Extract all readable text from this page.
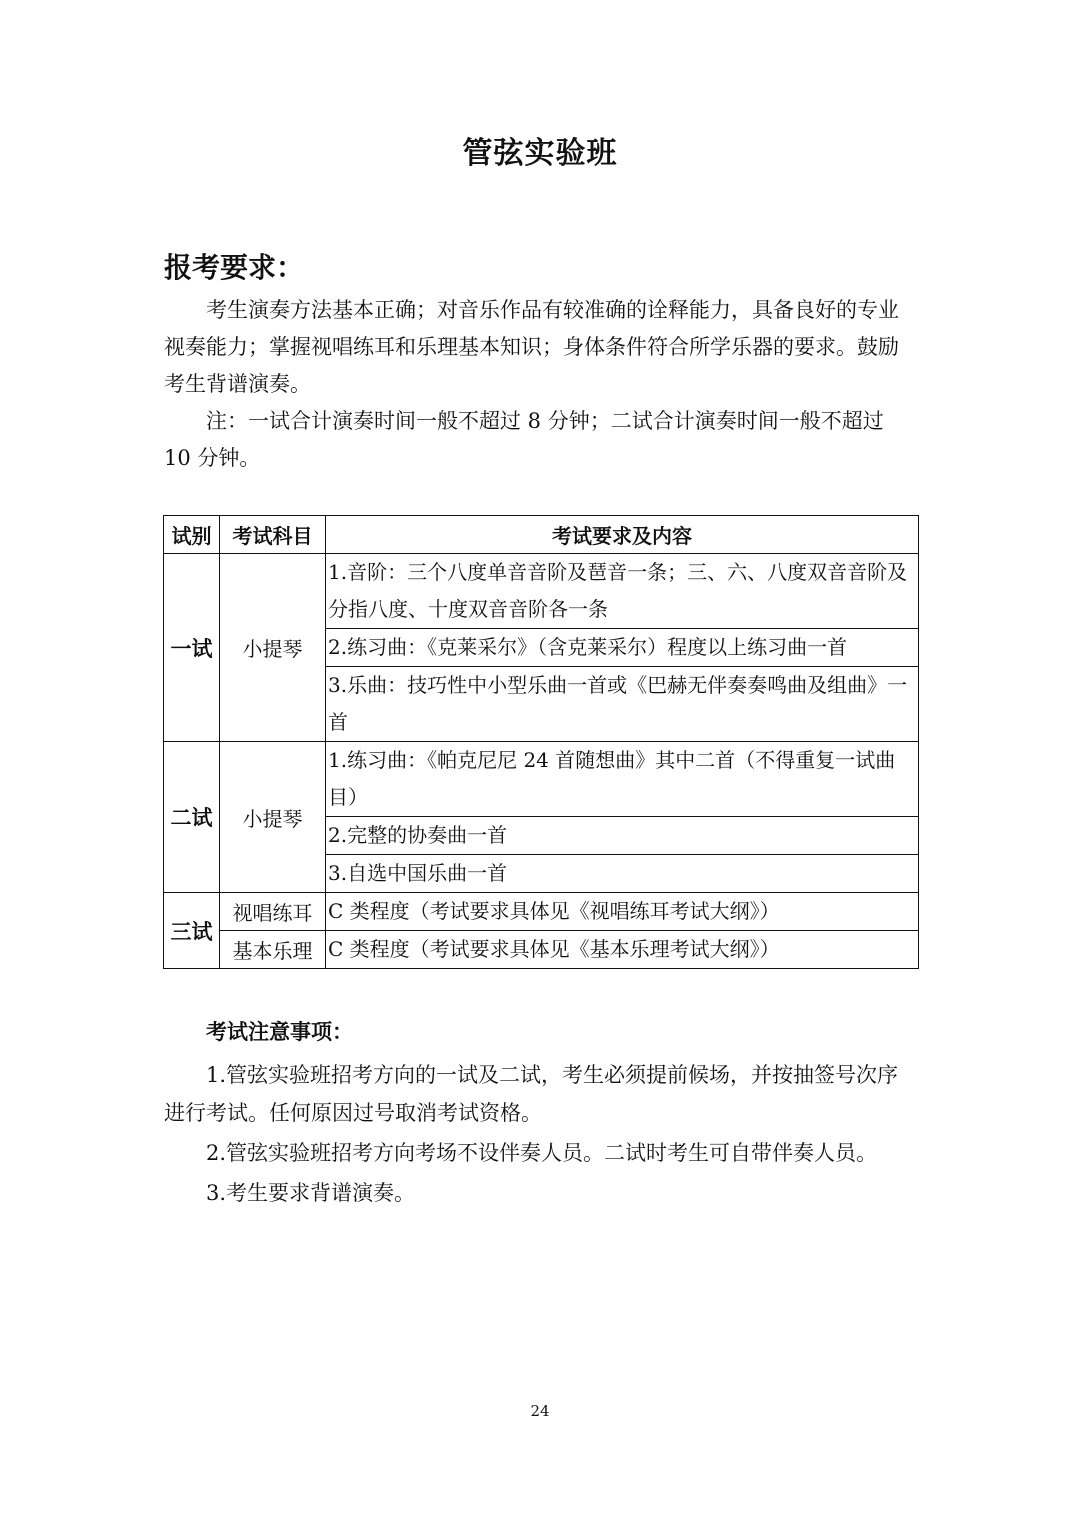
管弦实验班
报考要求：

考生演奏方法基本正确；对音乐作品有较准确的诠释能力，具备良好的专业视奏能力；掌握视唱练耳和乐理基本知识；身体条件符合所学乐器的要求。鼓励考生背谱演奏。

注：一试合计演奏时间一般不超过 8 分钟；二试合计演奏时间一般不超过 10 分钟。

试别	考试科目	考试要求及内容
一试	小提琴	1.音阶：三个八度单音音阶及琶音一条；三、六、八度双音音阶及分指八度、十度双音音阶各一条
		2.练习曲：《克莱采尔》（含克莱采尔）程度以上练习曲一首
		3.乐曲：技巧性中小型乐曲一首或《巴赫无伴奏奏鸣曲及组曲》一首
二试	小提琴	1.练习曲：《帕克尼尼 24 首随想曲》其中二首（不得重复一试曲目）
		2.完整的协奏曲一首
		3.自选中国乐曲一首
三试	视唱练耳	C 类程度（考试要求具体见《视唱练耳考试大纲》）
	基本乐理	C 类程度（考试要求具体见《基本乐理考试大纲》）
考试注意事项：

1.管弦实验班招考方向的一试及二试，考生必须提前候场，并按抽签号次序进行考试。任何原因过号取消考试资格。

2.管弦实验班招考方向考场不设伴奏人员。二试时考生可自带伴奏人员。

3.考生要求背谱演奏。

24
